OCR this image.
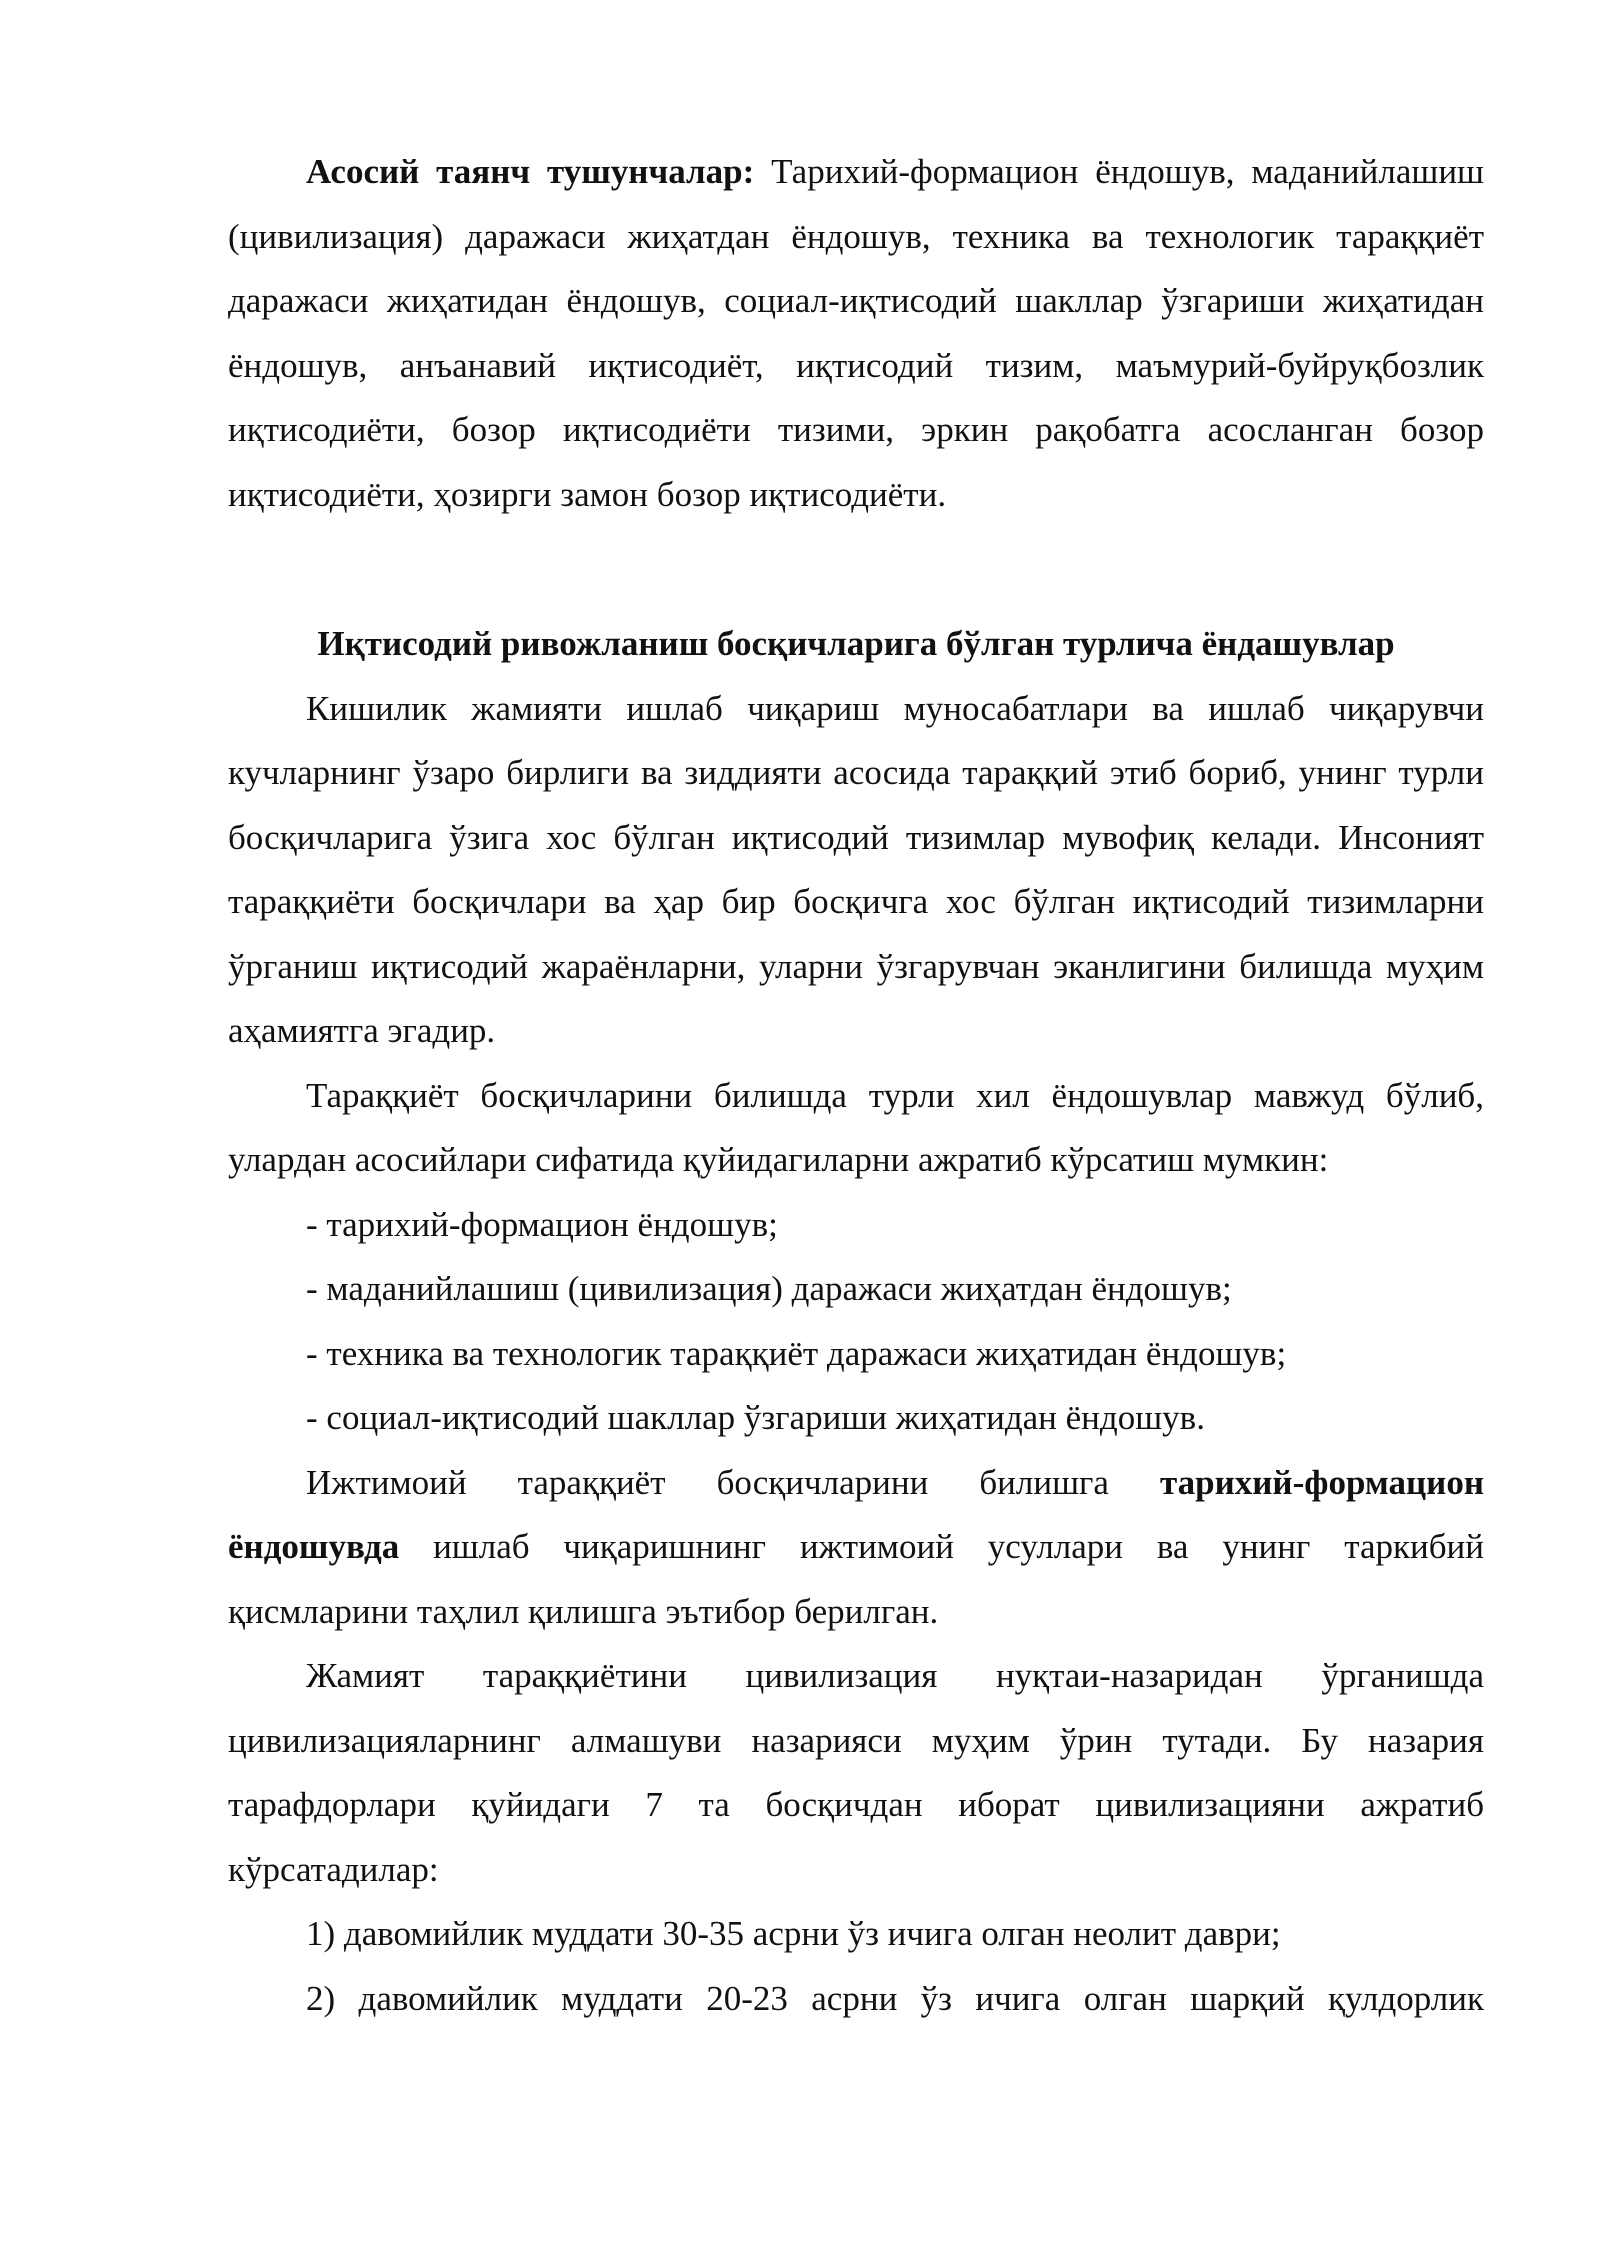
Асосий таянч тушунчалар: Тарихий-формацион ёндошув, маданийлашиш (цивилизация) даражаси жиҳатдан ёндошув, техника ва технологик тараққиёт даражаси жиҳатидан ёндошув, социал-иқтисодий шакллар ўзгариши жиҳатидан ёндошув, анъанавий иқтисодиёт, иқтисодий тизим, маъмурий-буйруқбозлик иқтисодиёти, бозор иқтисодиёти тизими, эркин рақобатга асосланган бозор иқтисодиёти, ҳозирги замон бозор иқтисодиёти.

Иқтисодий ривожланиш босқичларига бўлган турлича ёндашувлар

Кишилик жамияти ишлаб чиқариш муносабатлари ва ишлаб чиқарувчи кучларнинг ўзаро бирлиги ва зиддияти асосида тараққий этиб бориб, унинг турли босқичларига ўзига хос бўлган иқтисодий тизимлар мувофиқ келади. Инсоният тараққиёти босқичлари ва ҳар бир босқичга хос бўлган иқтисодий тизимларни ўрганиш иқтисодий жараёнларни, уларни ўзгарувчан эканлигини билишда муҳим аҳамиятга эгадир.

Тараққиёт босқичларини билишда турли хил ёндошувлар мавжуд бўлиб, улардан асосийлари сифатида қуйидагиларни ажратиб кўрсатиш мумкин:

- тарихий-формацион ёндошув;

- маданийлашиш (цивилизация) даражаси жиҳатдан ёндошув;

- техника ва технологик тараққиёт даражаси жиҳатидан ёндошув;

- социал-иқтисодий шакллар ўзгариши жиҳатидан ёндошув.

Ижтимоий тараққиёт босқичларини билишга тарихий-формацион ёндошувда ишлаб чиқаришнинг ижтимоий усуллари ва унинг таркибий қисмларини таҳлил қилишга эътибор берилган.

Жамият тараққиётини цивилизация нуқтаи-назаридан ўрганишда цивилизацияларнинг алмашуви назарияси муҳим ўрин тутади. Бу назария тарафдорлари қуйидаги 7 та босқичдан иборат цивилизацияни ажратиб кўрсатадилар:

1) давомийлик муддати 30-35 асрни ўз ичига олган неолит даври;

2) давомийлик муддати 20-23 асрни ўз ичига олган шарқий қулдорлик
